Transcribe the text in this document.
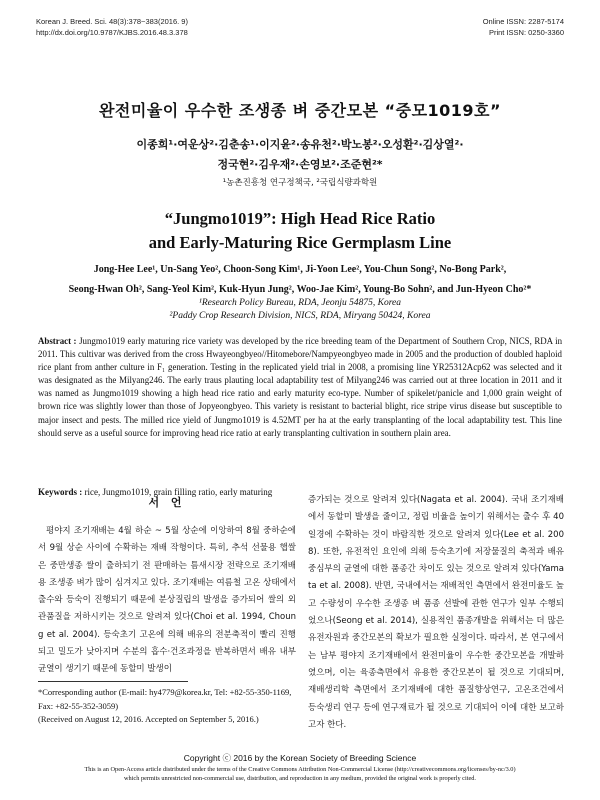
Korean J. Breed. Sci. 48(3):378~383(2016. 9)
http://dx.doi.org/10.9787/KJBS.2016.48.3.378
Online ISSN: 2287-5174
Print ISSN: 0250-3360
완전미율이 우수한 조생종 벼 중간모본 “중모1019호”
이종희¹·여운상²·김춘송¹·이지윤²·송유천²·박노봉²·오성환²·김상열²·
정국현²·김우재²·손영보²·조준현²*
¹농촌진흥청 연구정책국, ²국립식량과학원
“Jungmo1019”: High Head Rice Ratio
and Early-Maturing Rice Germplasm Line
Jong-Hee Lee¹, Un-Sang Yeo², Choon-Song Kim¹, Ji-Yoon Lee², You-Chun Song², No-Bong Park²,
Seong-Hwan Oh², Sang-Yeol Kim², Kuk-Hyun Jung², Woo-Jae Kim², Young-Bo Sohn², and Jun-Hyeon Cho²*
¹Research Policy Bureau, RDA, Jeonju 54875, Korea
²Paddy Crop Research Division, NICS, RDA, Miryang 50424, Korea
Abstract : Jungmo1019 early maturing rice variety was developed by the rice breeding team of the Department of Southern Crop, NICS, RDA in 2011. This cultivar was derived from the cross Hwayeongbyeo//Hitomebore/Nampyeongbyeo made in 2005 and the production of doubled haploid rice plant from anther culture in F₁ generation. Testing in the replicated yield trial in 2008, a promising line YR25312Acp62 was selected and it was designated as the Milyang246. The early traus plauting local adaptability test of Milyang246 was carried out at three location in 2011 and it was named as Jungmo1019 showing a high head rice ratio and early maturity eco-type. Number of spikelet/panicle and 1,000 grain weight of brown rice was slightly lower than those of Jopyeongbyeo. This variety is resistant to bacterial blight, rice stripe virus disease but susceptible to major insect and pests. The milled rice yield of Jungmo1019 is 4.52MT per ha at the early transplanting of the local adaptability test. This line should serve as a useful source for improving head rice ratio at early transplanting cultivation in southern plain area.
Keywords : rice, Jungmo1019, grain filling ratio, early maturing
서 언
평야지 조기재배는 4월 하순 ~ 5월 상순에 이앙하여 8월 중하순에서 9월 상순 사이에 수확하는 재배 작형이다. 특히, 추석 선물용 햅쌀은 중만생종 쌀이 출하되기 전 판매하는 틈새시장 전략으로 조기재배용 조생종 벼가 많이 심겨지고 있다. 조기재배는 여름철 고온 상태에서 출수와 등숙이 진행되기 때문에 분상질립의 발생을 증가되어 쌀의 외관품질을 저하시키는 것으로 알려져 있다(Choi et al. 1994, Choung et al. 2004). 등숙초기 고온에 의해 배유의 전분축적이 빨리 진행되고 밀도가 낮아지며 수분의 흡수·건조과정을 반복하면서 배유 내부 균열이 생기기 때문에 동할미 발생이
증가되는 것으로 알려져 있다(Nagata et al. 2004). 국내 조기재배에서 동할미 발생을 줄이고, 정립 비율을 높이기 위해서는 출수 후 40일경에 수확하는 것이 바람직한 것으로 알려져 있다(Lee et al. 2008). 또한, 유전적인 요인에 의해 등숙초기에 저장물질의 축적과 배유 중심부의 균열에 대한 품종간 차이도 있는 것으로 알려져 있다(Yamata et al. 2008). 반면, 국내에서는 재배적인 측면에서 완전미율도 높고 수량성이 우수한 조생종 벼 품종 선발에 관한 연구가 일부 수행되었으나(Seong et al. 2014), 실용적인 품종개발을 위해서는 더 많은 유전자원과 중간모본의 확보가 필요한 실정이다. 따라서, 본 연구에서는 남부 평야지 조기재배에서 완전미율이 우수한 중간모본을 개발하였으며, 이는 육종측면에서 유용한 중간모본이 될 것으로 기대되며, 재배생리학 측면에서 조기재배에 대한 품질향상연구, 고온조건에서 등숙생리 연구 등에 연구재료가 될 것으로 기대되어 이에 대한 보고하고자 한다.
*Corresponding author (E-mail: hy4779@korea.kr, Tel: +82-55-350-1169, Fax: +82-55-352-3059)
(Received on August 12, 2016. Accepted on September 5, 2016.)
Copyright ⓒ 2016 by the Korean Society of Breeding Science
This is an Open-Access article distributed under the terms of the Creative Commons Attribution Non-Commercial License (http://creativecommons.org/licenses/by-nc/3.0)
which permits unrestricted non-commercial use, distribution, and reproduction in any medium, provided the original work is properly cited.
